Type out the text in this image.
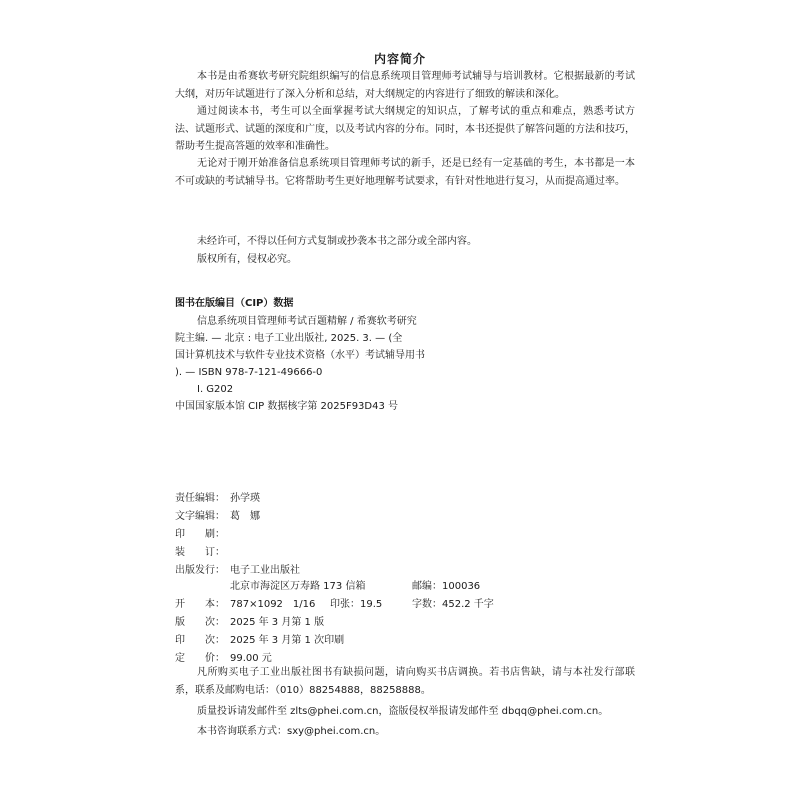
内容简介
本书是由希赛软考研究院组织编写的信息系统项目管理师考试辅导与培训教材。它根据最新的考试大纲，对历年试题进行了深入分析和总结，对大纲规定的内容进行了细致的解读和深化。
通过阅读本书，考生可以全面掌握考试大纲规定的知识点，了解考试的重点和难点，熟悉考试方法、试题形式、试题的深度和广度，以及考试内容的分布。同时，本书还提供了解答问题的方法和技巧，帮助考生提高答题的效率和准确性。
无论对于刚开始准备信息系统项目管理师考试的新手，还是已经有一定基础的考生，本书都是一本不可或缺的考试辅导书。它将帮助考生更好地理解考试要求，有针对性地进行复习，从而提高通过率。
未经许可，不得以任何方式复制或抄袭本书之部分或全部内容。
版权所有，侵权必究。
图书在版编目（CIP）数据
信息系统项目管理师考试百题精解 / 希赛软考研究
院主编. — 北京 : 电子工业出版社, 2025. 3. — (全
国计算机技术与软件专业技术资格（水平）考试辅导用书
). — ISBN 978-7-121-49666-0
Ⅰ. G202
中国国家版本馆 CIP 数据核字第 2025F93D43 号
责任编辑： 孙学瑛
文字编辑： 葛　娜
印　　刷：
装　　订：
出版发行： 电子工业出版社
北京市海淀区万寿路 173 信箱	邮编：100036
开　　本： 787×1092　1/16 印张：19.5	字数：452.2 千字
版　　次： 2025 年 3 月第 1 版
印　　次： 2025 年 3 月第 1 次印刷
定　　价： 99.00 元
凡所购买电子工业出版社图书有缺损问题，请向购买书店调换。若书店售缺，请与本社发行部联系，联系及邮购电话：（010）88254888，88258888。
质量投诉请发邮件至 zlts@phei.com.cn，盗版侵权举报请发邮件至 dbqq@phei.com.cn。
本书咨询联系方式：sxy@phei.com.cn。
